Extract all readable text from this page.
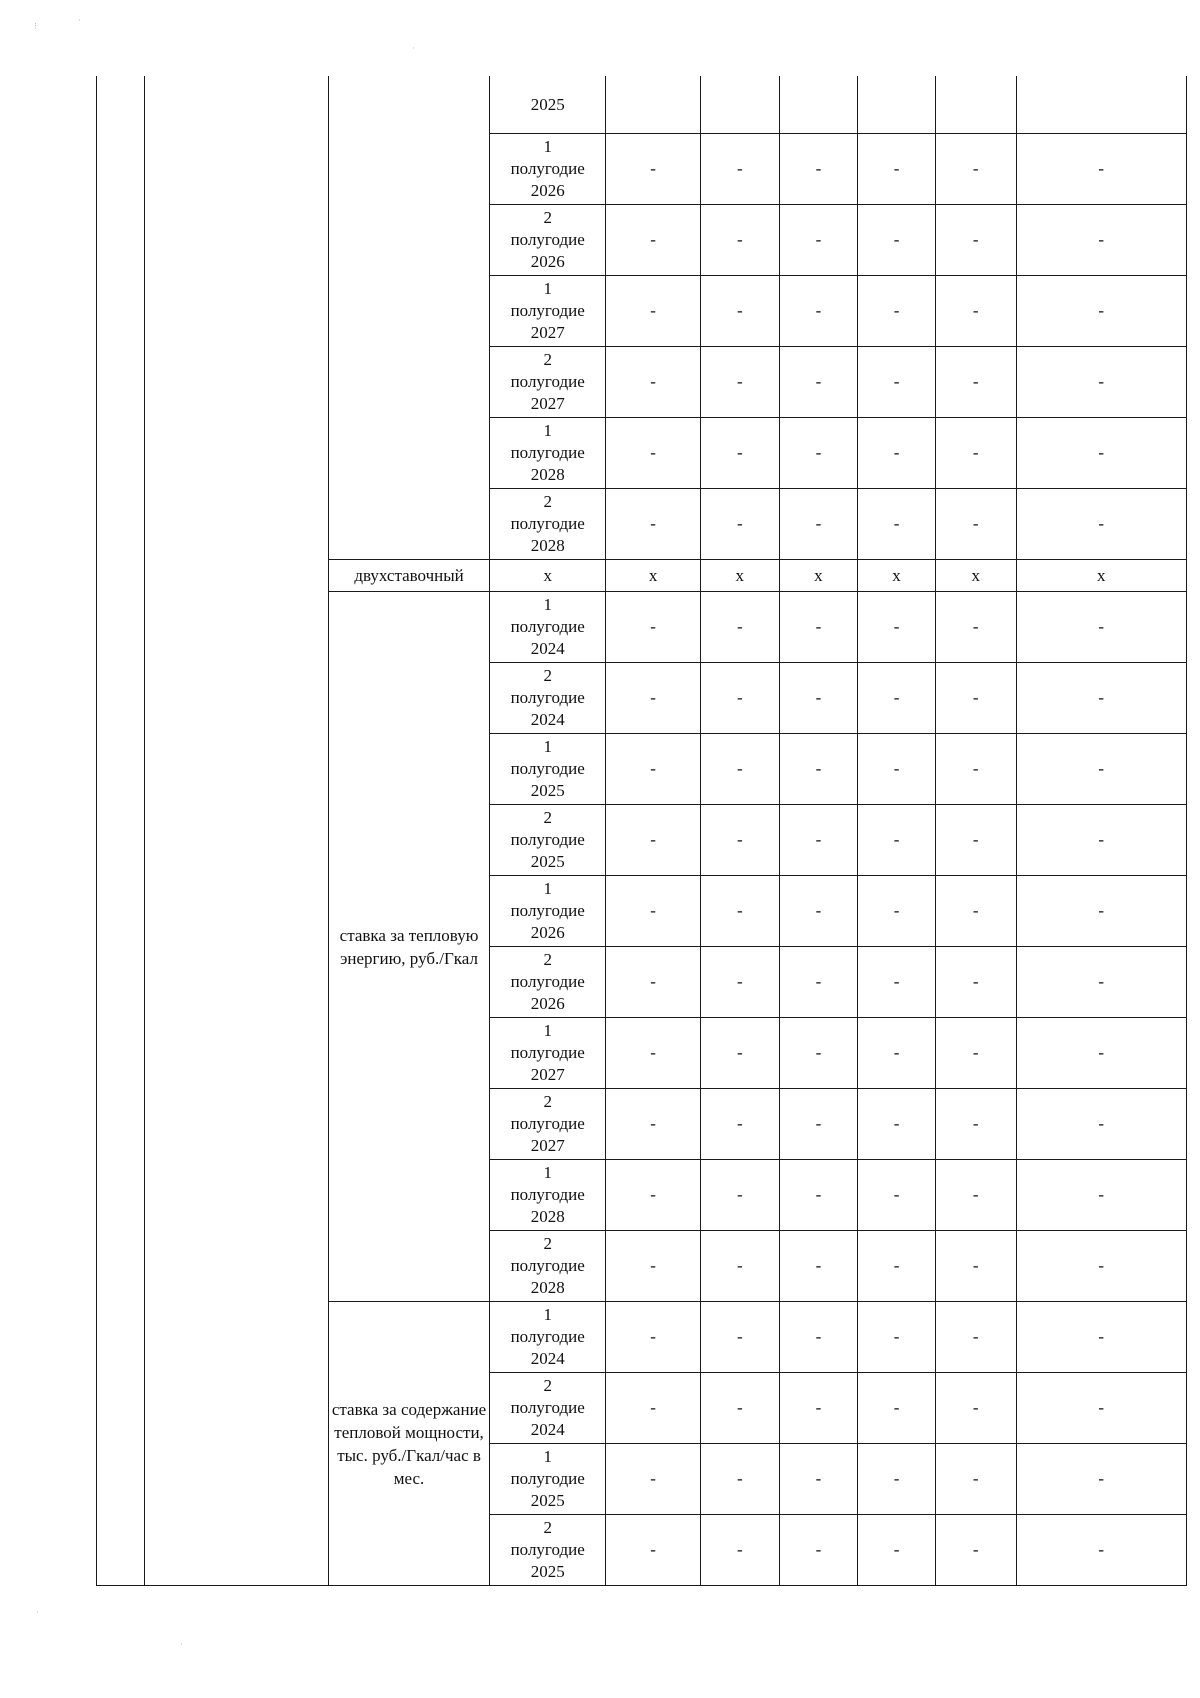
			2025						

			1
полугодие
2026	-	-	-	-	-	-

			2
полугодие
2026	-	-	-	-	-	-

			1
полугодие
2027	-	-	-	-	-	-

			2
полугодие
2027	-	-	-	-	-	-

			1
полугодие
2028	-	-	-	-	-	-

			2
полугодие
2028	-	-	-	-	-	-
		двухставочный	x	x	x	x	x	x	x
		ставка за тепловую энергию, руб./Гкал	1
полугодие
2024	-	-	-	-	-	-

			2
полугодие
2024	-	-	-	-	-	-

			1
полугодие
2025	-	-	-	-	-	-

			2
полугодие
2025	-	-	-	-	-	-

			1
полугодие
2026	-	-	-	-	-	-

			2
полугодие
2026	-	-	-	-	-	-

			1
полугодие
2027	-	-	-	-	-	-

			2
полугодие
2027	-	-	-	-	-	-

			1
полугодие
2028	-	-	-	-	-	-

			2
полугодие
2028	-	-	-	-	-	-
		ставка за содержание тепловой мощности, тыс. руб./Гкал/час в мес.	1
полугодие
2024	-	-	-	-	-	-

			2
полугодие
2024	-	-	-	-	-	-

			1
полугодие
2025	-	-	-	-	-	-

			2
полугодие
2025	-	-	-	-	-	-
⁝
·
·
·
·
